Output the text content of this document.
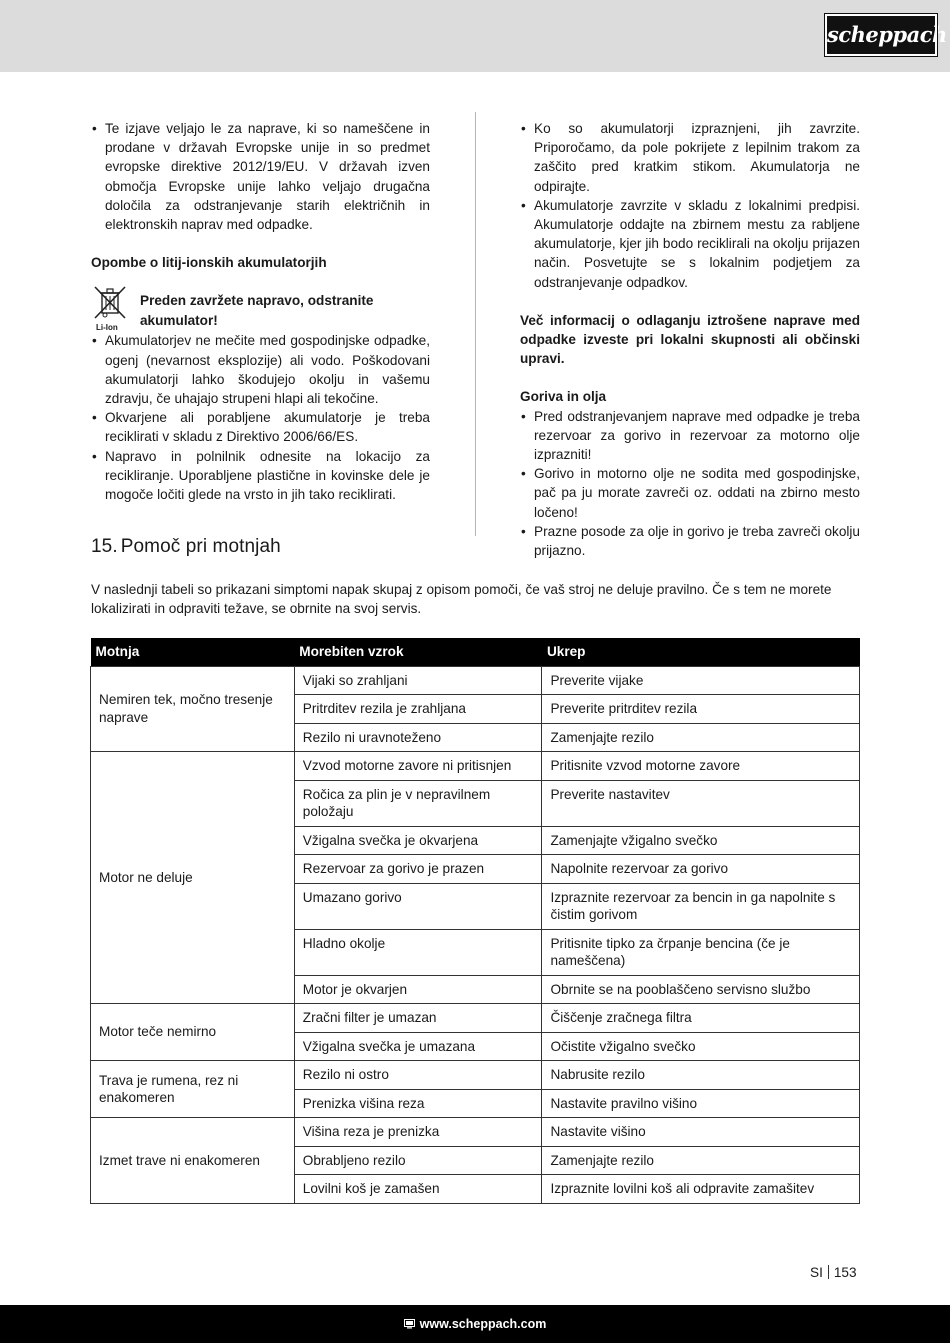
scheppach
• Te izjave veljajo le za naprave, ki so nameščene in prodane v državah Evropske unije in so predmet evropske direktive 2012/19/EU. V državah izven območja Evropske unije lahko veljajo drugačna določila za odstranjevanje starih električnih in elektronskih naprav med odpadke.
Opombe o litij-ionskih akumulatorjih
Li-Ion
Preden zavržete napravo, odstranite akumulator!
• Akumulatorjev ne mečite med gospodinjske odpadke, ogenj (nevarnost eksplozije) ali vodo. Poškodovani akumulatorji lahko škodujejo okolju in vašemu zdravju, če uhajajo strupeni hlapi ali tekočine.
• Okvarjene ali porabljene akumulatorje je treba reciklirati v skladu z Direktivo 2006/66/ES.
• Napravo in polnilnik odnesite na lokacijo za recikliranje. Uporabljene plastične in kovinske dele je mogoče ločiti glede na vrsto in jih tako reciklirati.
• Ko so akumulatorji izpraznjeni, jih zavrzite. Priporočamo, da pole pokrijete z lepilnim trakom za zaščito pred kratkim stikom. Akumulatorja ne odpirajte.
• Akumulatorje zavrzite v skladu z lokalnimi predpisi. Akumulatorje oddajte na zbirnem mestu za rabljene akumulatorje, kjer jih bodo reciklirali na okolju prijazen način. Posvetujte se s lokalnim podjetjem za odstranjevanje odpadkov.
Več informacij o odlaganju iztrošene naprave med odpadke izveste pri lokalni skupnosti ali občinski upravi.
Goriva in olja
• Pred odstranjevanjem naprave med odpadke je treba rezervoar za gorivo in rezervoar za motorno olje izprazniti!
• Gorivo in motorno olje ne sodita med gospodinjske, pač pa ju morate zavreči oz. oddati na zbirno mesto ločeno!
• Prazne posode za olje in gorivo je treba zavreči okolju prijazno.
15. Pomoč pri motnjah

V naslednji tabeli so prikazani simptomi napak skupaj z opisom pomoči, če vaš stroj ne deluje pravilno. Če s tem ne morete lokalizirati in odpraviti težave, se obrnite na svoj servis.

Motnja	Morebiten vzrok	Ukrep
Nemiren tek, močno tresenje naprave	Vijaki so zrahljani	Preverite vijake
	Pritrditev rezila je zrahljana	Preverite pritrditev rezila
	Rezilo ni uravnoteženo	Zamenjajte rezilo
Motor ne deluje	Vzvod motorne zavore ni pritisnjen	Pritisnite vzvod motorne zavore
	Ročica za plin je v nepravilnem položaju	Preverite nastavitev
	Vžigalna svečka je okvarjena	Zamenjajte vžigalno svečko
	Rezervoar za gorivo je prazen	Napolnite rezervoar za gorivo
	Umazano gorivo	Izpraznite rezervoar za bencin in ga napolnite s čistim gorivom
	Hladno okolje	Pritisnite tipko za črpanje bencina (če je nameščena)
	Motor je okvarjen	Obrnite se na pooblaščeno servisno službo
Motor teče nemirno	Zračni filter je umazan	Čiščenje zračnega filtra
	Vžigalna svečka je umazana	Očistite vžigalno svečko
Trava je rumena, rez ni enakomeren	Rezilo ni ostro	Nabrusite rezilo
	Prenizka višina reza	Nastavite pravilno višino
Izmet trave ni enakomeren	Višina reza je prenizka	Nastavite višino
	Obrabljeno rezilo	Zamenjajte rezilo
	Lovilni koš je zamašen	Izpraznite lovilni koš ali odpravite zamašitev
SI 153
www.scheppach.com
